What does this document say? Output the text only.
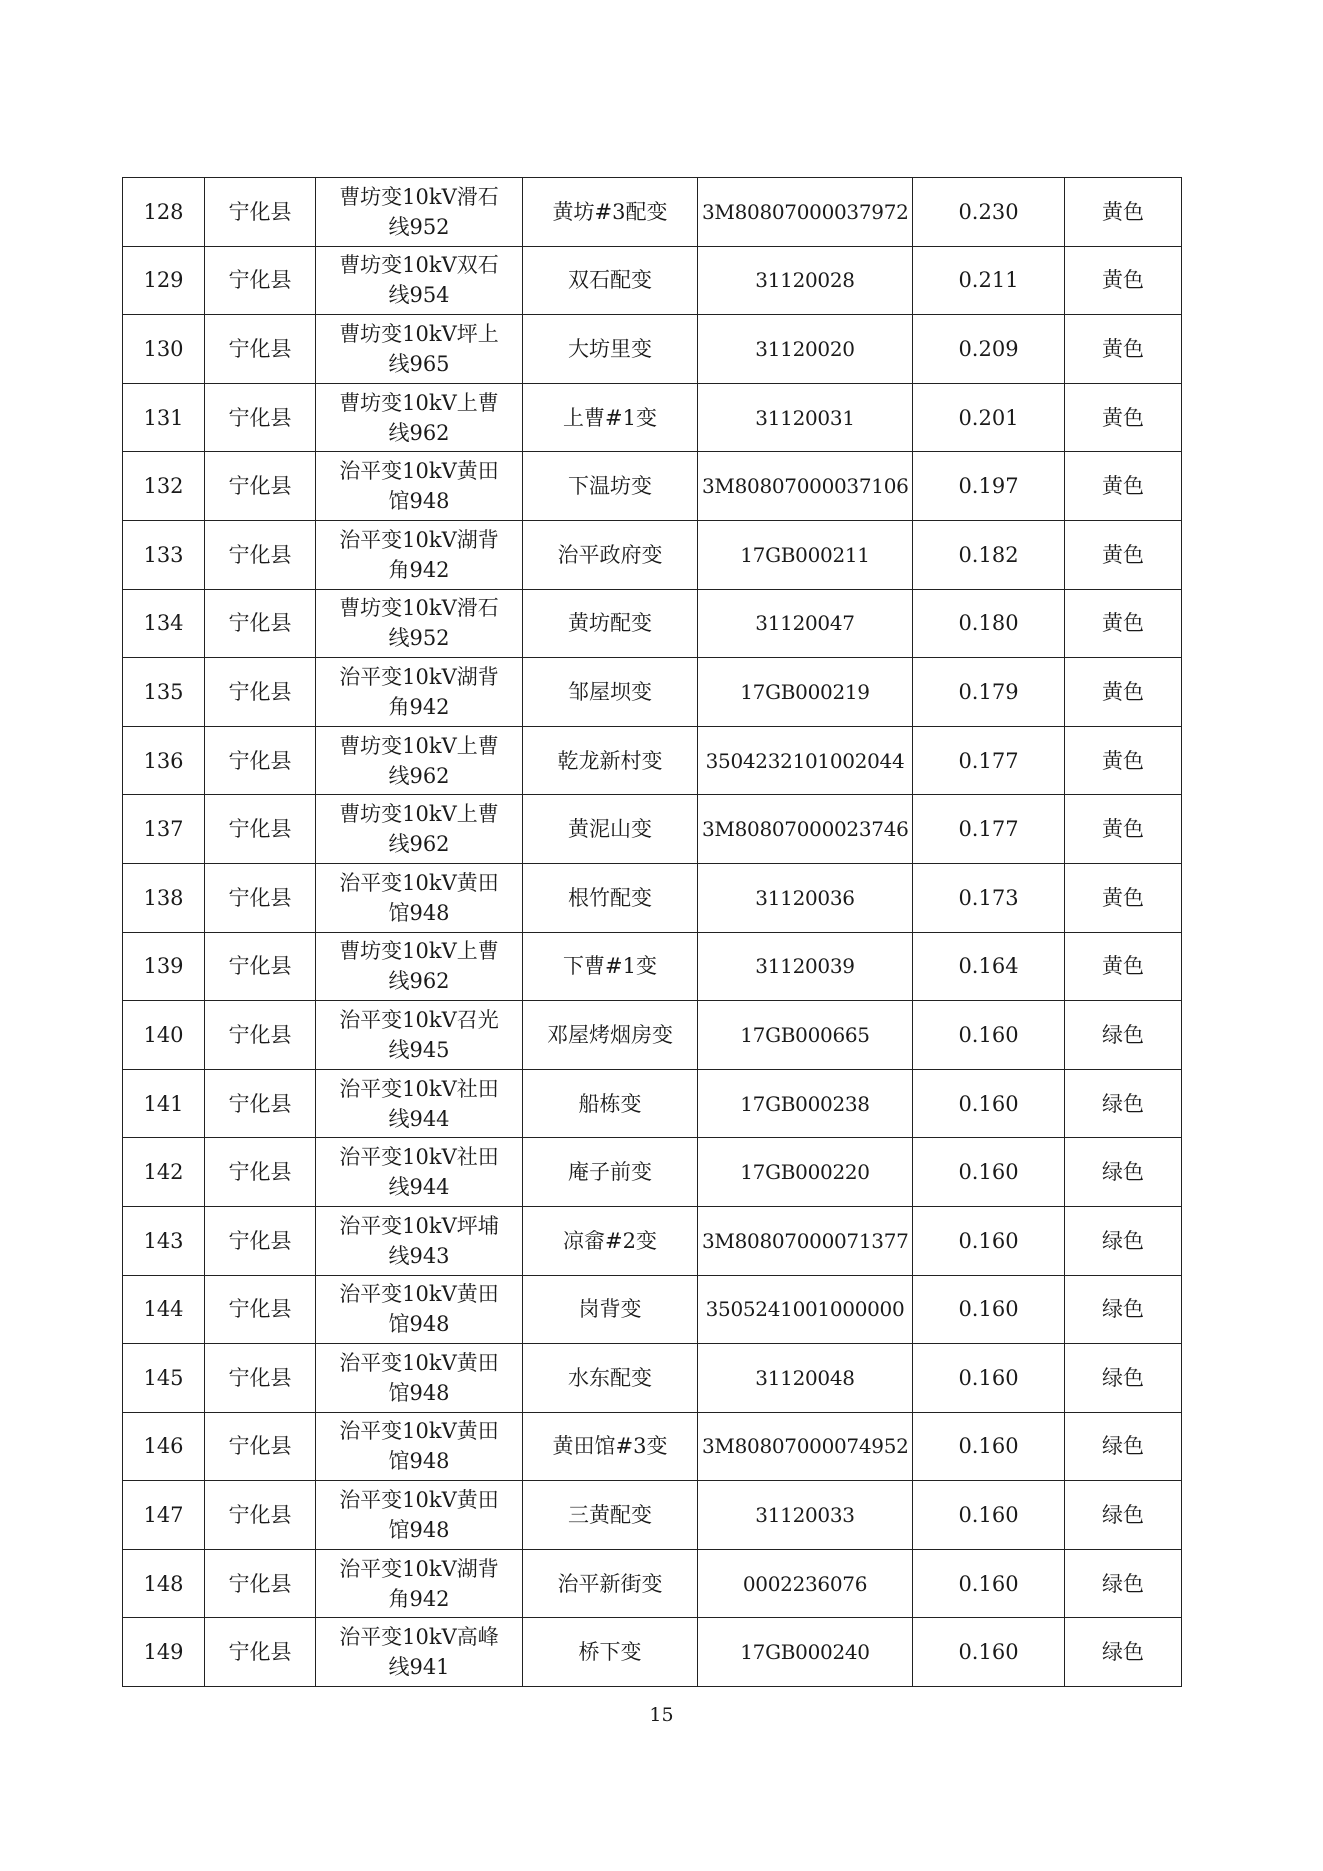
128	宁化县	曹坊变10kV滑石
线952	黄坊#3配变	3M80807000037972	0.230	黄色
129	宁化县	曹坊变10kV双石
线954	双石配变	31120028	0.211	黄色
130	宁化县	曹坊变10kV坪上
线965	大坊里变	31120020	0.209	黄色
131	宁化县	曹坊变10kV上曹
线962	上曹#1变	31120031	0.201	黄色
132	宁化县	治平变10kV黄田
馆948	下温坊变	3M80807000037106	0.197	黄色
133	宁化县	治平变10kV湖背
角942	治平政府变	17GB000211	0.182	黄色
134	宁化县	曹坊变10kV滑石
线952	黄坊配变	31120047	0.180	黄色
135	宁化县	治平变10kV湖背
角942	邹屋坝变	17GB000219	0.179	黄色
136	宁化县	曹坊变10kV上曹
线962	乾龙新村变	3504232101002044	0.177	黄色
137	宁化县	曹坊变10kV上曹
线962	黄泥山变	3M80807000023746	0.177	黄色
138	宁化县	治平变10kV黄田
馆948	根竹配变	31120036	0.173	黄色
139	宁化县	曹坊变10kV上曹
线962	下曹#1变	31120039	0.164	黄色
140	宁化县	治平变10kV召光
线945	邓屋烤烟房变	17GB000665	0.160	绿色
141	宁化县	治平变10kV社田
线944	船栋变	17GB000238	0.160	绿色
142	宁化县	治平变10kV社田
线944	庵子前变	17GB000220	0.160	绿色
143	宁化县	治平变10kV坪埔
线943	凉畲#2变	3M80807000071377	0.160	绿色
144	宁化县	治平变10kV黄田
馆948	岗背变	3505241001000000	0.160	绿色
145	宁化县	治平变10kV黄田
馆948	水东配变	31120048	0.160	绿色
146	宁化县	治平变10kV黄田
馆948	黄田馆#3变	3M80807000074952	0.160	绿色
147	宁化县	治平变10kV黄田
馆948	三黄配变	31120033	0.160	绿色
148	宁化县	治平变10kV湖背
角942	治平新街变	0002236076	0.160	绿色
149	宁化县	治平变10kV高峰
线941	桥下变	17GB000240	0.160	绿色
15
